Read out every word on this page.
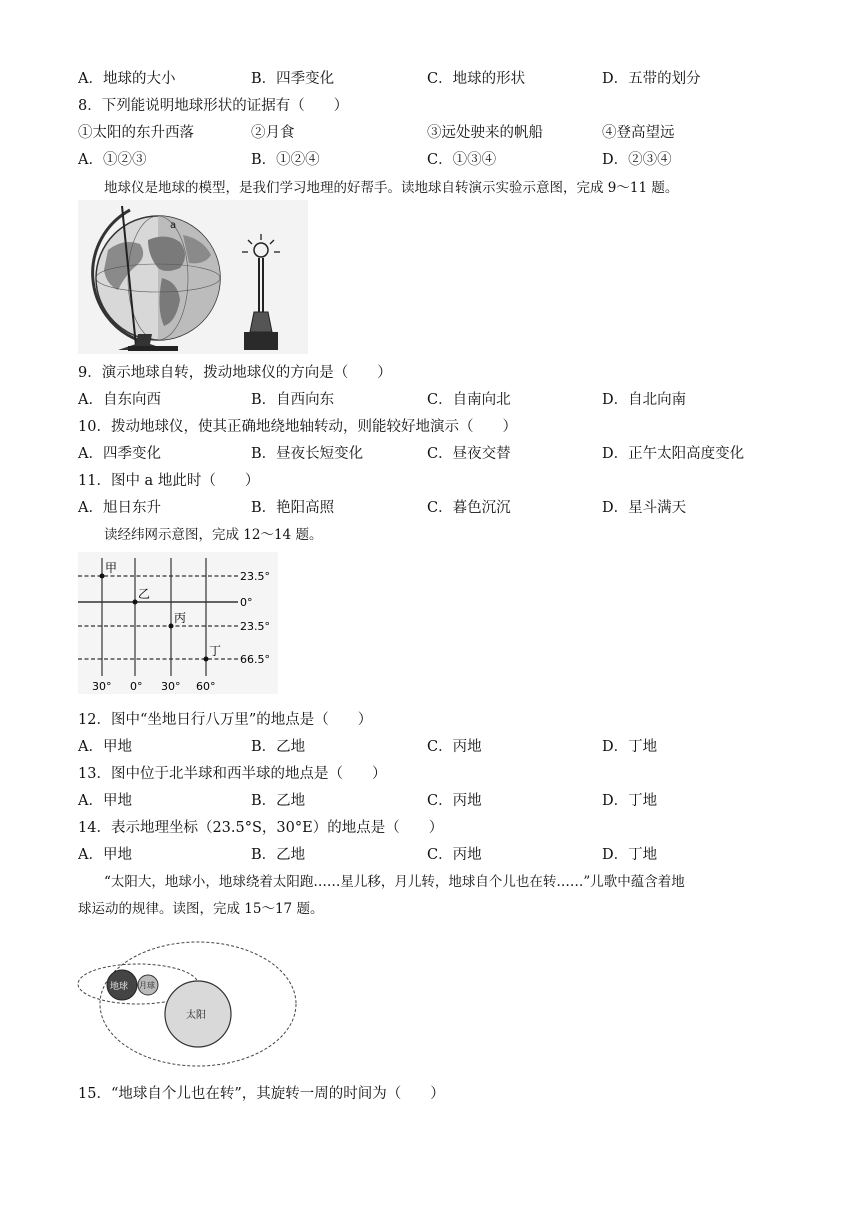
A．地球的大小	B．四季变化	C．地球的形状	D．五带的划分
8．下列能说明地球形状的证据有（　　）
①太阳的东升西落	②月食	③远处驶来的帆船	④登高望远
A．①②③	B．①②④	C．①③④	D．②③④
地球仪是地球的模型，是我们学习地理的好帮手。读地球自转演示实验示意图，完成 9～11 题。
a
9．演示地球自转，拨动地球仪的方向是（　　）
A．自东向西	B．自西向东	C．自南向北	D．自北向南
10．拨动地球仪，使其正确地绕地轴转动，则能较好地演示（　　）
A．四季变化	B．昼夜长短变化	C．昼夜交替	D．正午太阳高度变化
11．图中 a 地此时（　　）
A．旭日东升	B．艳阳高照	C．暮色沉沉	D．星斗满天
读经纬网示意图，完成 12～14 题。
23.5°
0°
23.5°
66.5°
30° 0° 30° 60°
甲
乙
丙
丁
12．图中“坐地日行八万里”的地点是（　　）
A．甲地	B．乙地	C．丙地	D．丁地
13．图中位于北半球和西半球的地点是（　　）
A．甲地	B．乙地	C．丙地	D．丁地
14．表示地理坐标（23.5°S，30°E）的地点是（　　）
A．甲地	B．乙地	C．丙地	D．丁地
“太阳大，地球小，地球绕着太阳跑……星儿移，月儿转，地球自个儿也在转……”儿歌中蕴含着地
球运动的规律。读图，完成 15～17 题。
地球 月球
太阳
15．“地球自个儿也在转”，其旋转一周的时间为（　　）
